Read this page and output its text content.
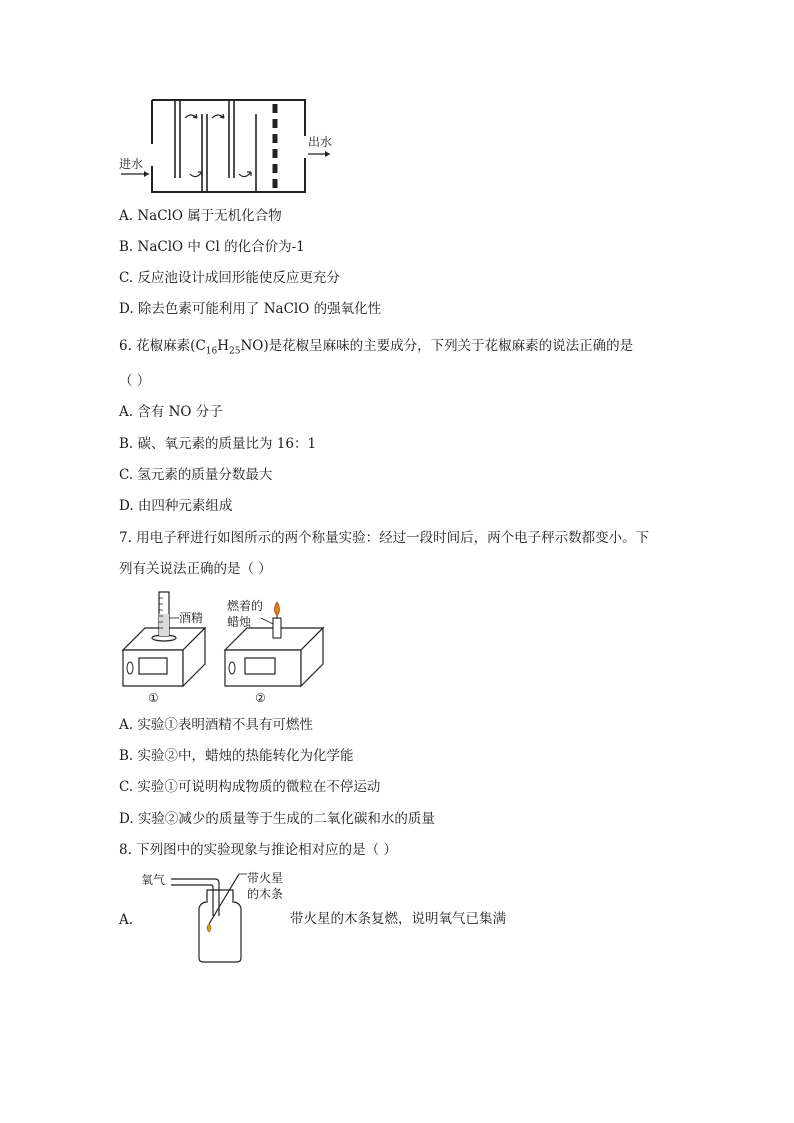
进水
出水
A. NaClO 属于无机化合物
B. NaClO 中 Cl 的化合价为-1
C. 反应池设计成回形能使反应更充分
D. 除去色素可能利用了 NaClO 的强氧化性
6. 花椒麻素$(C_{16}H_{25}NO)$是花椒呈麻味的主要成分，下列关于花椒麻素的说法正确的是
（ ）
A. 含有 NO 分子
B. 碳、氧元素的质量比为 16：1
C. 氢元素的质量分数最大
D. 由四种元素组成
7. 用电子秤进行如图所示的两个称量实验：经过一段时间后，两个电子秤示数都变小。下
列有关说法正确的是（ ）
酒精
①
燃着的
蜡烛
②
A. 实验①表明酒精不具有可燃性
B. 实验②中，蜡烛的热能转化为化学能
C. 实验①可说明构成物质的微粒在不停运动
D. 实验②减少的质量等于生成的二氧化碳和水的质量
8. 下列图中的实验现象与推论相对应的是（ ）
A.
氧气	带火星
的木条
带火星的木条复燃，说明氧气已集满
